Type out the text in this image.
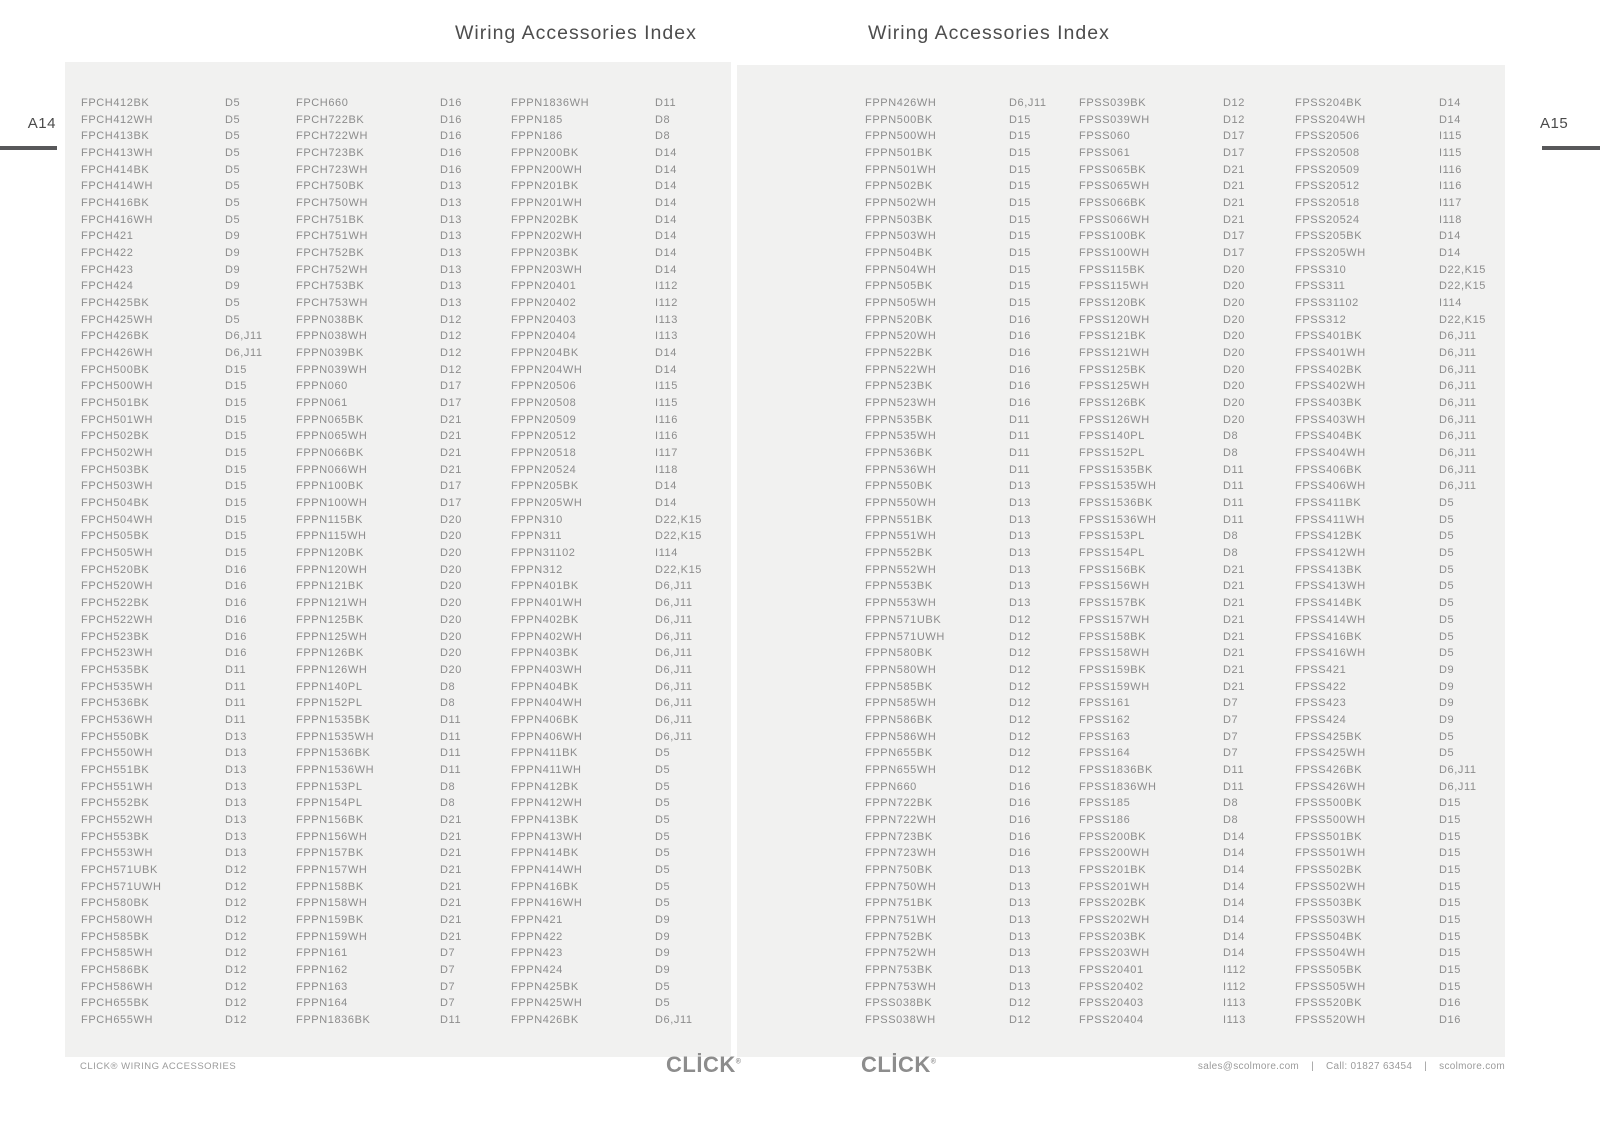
A14
Wiring Accessories Index
FPCH412BK	D5
FPCH412WH	D5
FPCH413BK	D5
FPCH413WH	D5
FPCH414BK	D5
FPCH414WH	D5
FPCH416BK	D5
FPCH416WH	D5
FPCH421	D9
FPCH422	D9
FPCH423	D9
FPCH424	D9
FPCH425BK	D5
FPCH425WH	D5
FPCH426BK	D6,J11
FPCH426WH	D6,J11
FPCH500BK	D15
FPCH500WH	D15
FPCH501BK	D15
FPCH501WH	D15
FPCH502BK	D15
FPCH502WH	D15
FPCH503BK	D15
FPCH503WH	D15
FPCH504BK	D15
FPCH504WH	D15
FPCH505BK	D15
FPCH505WH	D15
FPCH520BK	D16
FPCH520WH	D16
FPCH522BK	D16
FPCH522WH	D16
FPCH523BK	D16
FPCH523WH	D16
FPCH535BK	D11
FPCH535WH	D11
FPCH536BK	D11
FPCH536WH	D11
FPCH550BK	D13
FPCH550WH	D13
FPCH551BK	D13
FPCH551WH	D13
FPCH552BK	D13
FPCH552WH	D13
FPCH553BK	D13
FPCH553WH	D13
FPCH571UBK	D12
FPCH571UWH	D12
FPCH580BK	D12
FPCH580WH	D12
FPCH585BK	D12
FPCH585WH	D12
FPCH586BK	D12
FPCH586WH	D12
FPCH655BK	D12
FPCH655WH	D12
FPCH660	D16
FPCH722BK	D16
FPCH722WH	D16
FPCH723BK	D16
FPCH723WH	D16
FPCH750BK	D13
FPCH750WH	D13
FPCH751BK	D13
FPCH751WH	D13
FPCH752BK	D13
FPCH752WH	D13
FPCH753BK	D13
FPCH753WH	D13
FPPN038BK	D12
FPPN038WH	D12
FPPN039BK	D12
FPPN039WH	D12
FPPN060	D17
FPPN061	D17
FPPN065BK	D21
FPPN065WH	D21
FPPN066BK	D21
FPPN066WH	D21
FPPN100BK	D17
FPPN100WH	D17
FPPN115BK	D20
FPPN115WH	D20
FPPN120BK	D20
FPPN120WH	D20
FPPN121BK	D20
FPPN121WH	D20
FPPN125BK	D20
FPPN125WH	D20
FPPN126BK	D20
FPPN126WH	D20
FPPN140PL	D8
FPPN152PL	D8
FPPN1535BK	D11
FPPN1535WH	D11
FPPN1536BK	D11
FPPN1536WH	D11
FPPN153PL	D8
FPPN154PL	D8
FPPN156BK	D21
FPPN156WH	D21
FPPN157BK	D21
FPPN157WH	D21
FPPN158BK	D21
FPPN158WH	D21
FPPN159BK	D21
FPPN159WH	D21
FPPN161	D7
FPPN162	D7
FPPN163	D7
FPPN164	D7
FPPN1836BK	D11
FPPN1836WH	D11
FPPN185	D8
FPPN186	D8
FPPN200BK	D14
FPPN200WH	D14
FPPN201BK	D14
FPPN201WH	D14
FPPN202BK	D14
FPPN202WH	D14
FPPN203BK	D14
FPPN203WH	D14
FPPN20401	I112
FPPN20402	I112
FPPN20403	I113
FPPN20404	I113
FPPN204BK	D14
FPPN204WH	D14
FPPN20506	I115
FPPN20508	I115
FPPN20509	I116
FPPN20512	I116
FPPN20518	I117
FPPN20524	I118
FPPN205BK	D14
FPPN205WH	D14
FPPN310	D22,K15
FPPN311	D22,K15
FPPN31102	I114
FPPN312	D22,K15
FPPN401BK	D6,J11
FPPN401WH	D6,J11
FPPN402BK	D6,J11
FPPN402WH	D6,J11
FPPN403BK	D6,J11
FPPN403WH	D6,J11
FPPN404BK	D6,J11
FPPN404WH	D6,J11
FPPN406BK	D6,J11
FPPN406WH	D6,J11
FPPN411BK	D5
FPPN411WH	D5
FPPN412BK	D5
FPPN412WH	D5
FPPN413BK	D5
FPPN413WH	D5
FPPN414BK	D5
FPPN414WH	D5
FPPN416BK	D5
FPPN416WH	D5
FPPN421	D9
FPPN422	D9
FPPN423	D9
FPPN424	D9
FPPN425BK	D5
FPPN425WH	D5
FPPN426BK	D6,J11
A15
Wiring Accessories Index
FPPN426WH	D6,J11
FPPN500BK	D15
FPPN500WH	D15
FPPN501BK	D15
FPPN501WH	D15
FPPN502BK	D15
FPPN502WH	D15
FPPN503BK	D15
FPPN503WH	D15
FPPN504BK	D15
FPPN504WH	D15
FPPN505BK	D15
FPPN505WH	D15
FPPN520BK	D16
FPPN520WH	D16
FPPN522BK	D16
FPPN522WH	D16
FPPN523BK	D16
FPPN523WH	D16
FPPN535BK	D11
FPPN535WH	D11
FPPN536BK	D11
FPPN536WH	D11
FPPN550BK	D13
FPPN550WH	D13
FPPN551BK	D13
FPPN551WH	D13
FPPN552BK	D13
FPPN552WH	D13
FPPN553BK	D13
FPPN553WH	D13
FPPN571UBK	D12
FPPN571UWH	D12
FPPN580BK	D12
FPPN580WH	D12
FPPN585BK	D12
FPPN585WH	D12
FPPN586BK	D12
FPPN586WH	D12
FPPN655BK	D12
FPPN655WH	D12
FPPN660	D16
FPPN722BK	D16
FPPN722WH	D16
FPPN723BK	D16
FPPN723WH	D16
FPPN750BK	D13
FPPN750WH	D13
FPPN751BK	D13
FPPN751WH	D13
FPPN752BK	D13
FPPN752WH	D13
FPPN753BK	D13
FPPN753WH	D13
FPSS038BK	D12
FPSS038WH	D12
FPSS039BK	D12
FPSS039WH	D12
FPSS060	D17
FPSS061	D17
FPSS065BK	D21
FPSS065WH	D21
FPSS066BK	D21
FPSS066WH	D21
FPSS100BK	D17
FPSS100WH	D17
FPSS115BK	D20
FPSS115WH	D20
FPSS120BK	D20
FPSS120WH	D20
FPSS121BK	D20
FPSS121WH	D20
FPSS125BK	D20
FPSS125WH	D20
FPSS126BK	D20
FPSS126WH	D20
FPSS140PL	D8
FPSS152PL	D8
FPSS1535BK	D11
FPSS1535WH	D11
FPSS1536BK	D11
FPSS1536WH	D11
FPSS153PL	D8
FPSS154PL	D8
FPSS156BK	D21
FPSS156WH	D21
FPSS157BK	D21
FPSS157WH	D21
FPSS158BK	D21
FPSS158WH	D21
FPSS159BK	D21
FPSS159WH	D21
FPSS161	D7
FPSS162	D7
FPSS163	D7
FPSS164	D7
FPSS1836BK	D11
FPSS1836WH	D11
FPSS185	D8
FPSS186	D8
FPSS200BK	D14
FPSS200WH	D14
FPSS201BK	D14
FPSS201WH	D14
FPSS202BK	D14
FPSS202WH	D14
FPSS203BK	D14
FPSS203WH	D14
FPSS20401	I112
FPSS20402	I112
FPSS20403	I113
FPSS20404	I113
FPSS204BK	D14
FPSS204WH	D14
FPSS20506	I115
FPSS20508	I115
FPSS20509	I116
FPSS20512	I116
FPSS20518	I117
FPSS20524	I118
FPSS205BK	D14
FPSS205WH	D14
FPSS310	D22,K15
FPSS311	D22,K15
FPSS31102	I114
FPSS312	D22,K15
FPSS401BK	D6,J11
FPSS401WH	D6,J11
FPSS402BK	D6,J11
FPSS402WH	D6,J11
FPSS403BK	D6,J11
FPSS403WH	D6,J11
FPSS404BK	D6,J11
FPSS404WH	D6,J11
FPSS406BK	D6,J11
FPSS406WH	D6,J11
FPSS411BK	D5
FPSS411WH	D5
FPSS412BK	D5
FPSS412WH	D5
FPSS413BK	D5
FPSS413WH	D5
FPSS414BK	D5
FPSS414WH	D5
FPSS416BK	D5
FPSS416WH	D5
FPSS421	D9
FPSS422	D9
FPSS423	D9
FPSS424	D9
FPSS425BK	D5
FPSS425WH	D5
FPSS426BK	D6,J11
FPSS426WH	D6,J11
FPSS500BK	D15
FPSS500WH	D15
FPSS501BK	D15
FPSS501WH	D15
FPSS502BK	D15
FPSS502WH	D15
FPSS503BK	D15
FPSS503WH	D15
FPSS504BK	D15
FPSS504WH	D15
FPSS505BK	D15
FPSS505WH	D15
FPSS520BK	D16
FPSS520WH	D16
CLICK® WIRING ACCESSORIES	CLİCK®	CLİCK®	sales@scolmore.com | Call: 01827 63454 | scolmore.com
